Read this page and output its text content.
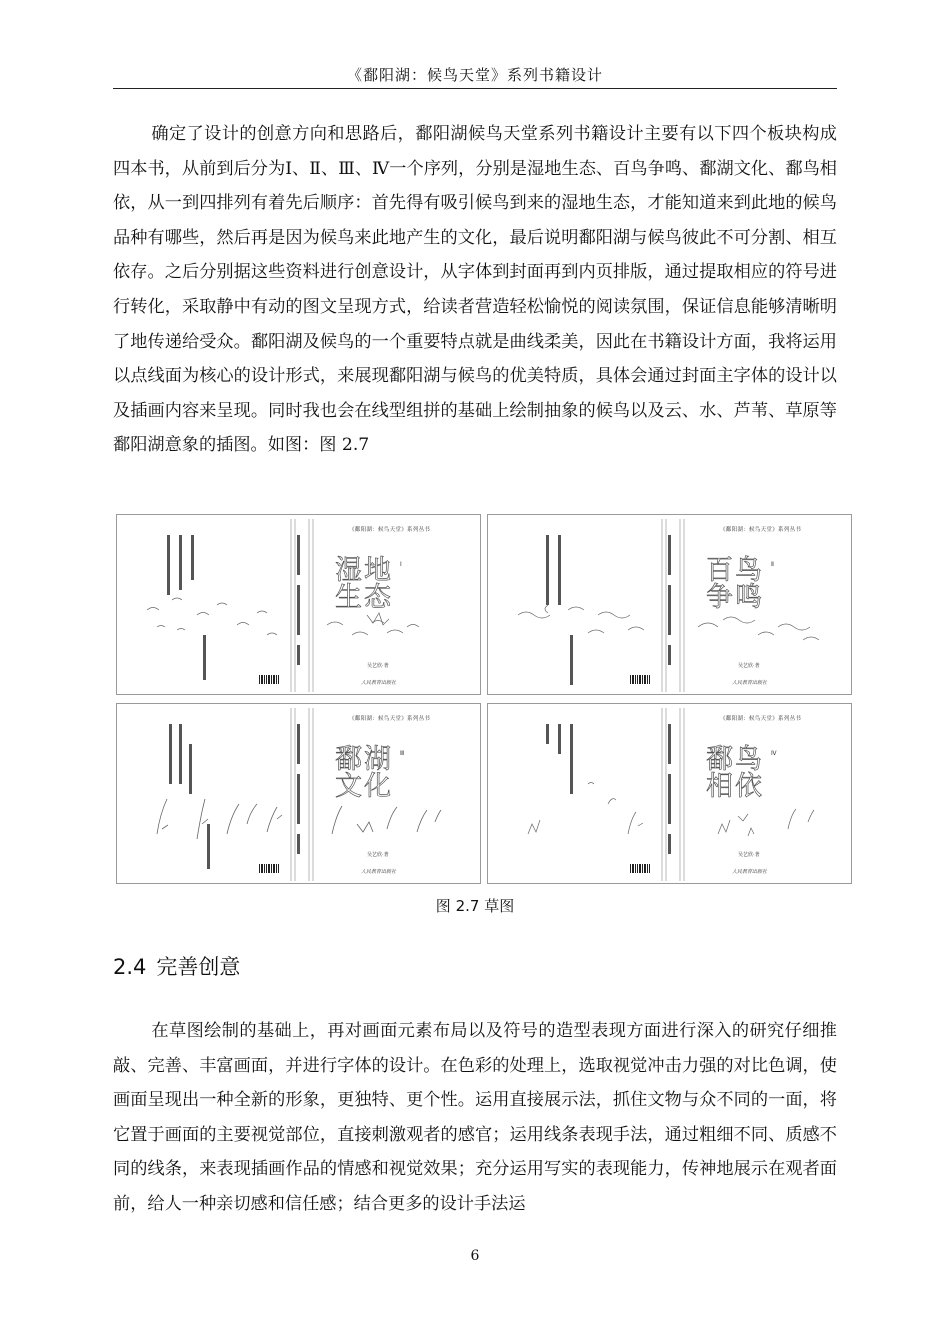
《鄱阳湖：候鸟天堂》系列书籍设计

确定了设计的创意方向和思路后，鄱阳湖候鸟天堂系列书籍设计主要有以下四个板块构成四本书，从前到后分为Ⅰ、Ⅱ、Ⅲ、Ⅳ一个序列，分别是湿地生态、百鸟争鸣、鄱湖文化、鄱鸟相依，从一到四排列有着先后顺序：首先得有吸引候鸟到来的湿地生态，才能知道来到此地的候鸟品种有哪些，然后再是因为候鸟来此地产生的文化，最后说明鄱阳湖与候鸟彼此不可分割、相互依存。之后分别据这些资料进行创意设计，从字体到封面再到内页排版，通过提取相应的符号进行转化，采取静中有动的图文呈现方式，给读者营造轻松愉悦的阅读氛围，保证信息能够清晰明了地传递给受众。鄱阳湖及候鸟的一个重要特点就是曲线柔美，因此在书籍设计方面，我将运用以点线面为核心的设计形式，来展现鄱阳湖与候鸟的优美特质，具体会通过封面主字体的设计以及插画内容来呈现。同时我也会在线型组拼的基础上绘制抽象的候鸟以及云、水、芦苇、草原等鄱阳湖意象的插图。如图：图 2.7

《鄱阳湖：候鸟天堂》系列丛书
湿地生态
Ⅰ
吴艺欣·著
人民教育出版社
《鄱阳湖：候鸟天堂》系列丛书
百鸟争鸣
Ⅱ
吴艺欣·著
人民教育出版社
《鄱阳湖：候鸟天堂》系列丛书
鄱湖文化
Ⅲ
吴艺欣·著
人民教育出版社
《鄱阳湖：候鸟天堂》系列丛书
鄱鸟相依
Ⅳ
吴艺欣·著
人民教育出版社
图 2.7 草图
2.4 完善创意

在草图绘制的基础上，再对画面元素布局以及符号的造型表现方面进行深入的研究仔细推敲、完善、丰富画面，并进行字体的设计。在色彩的处理上，选取视觉冲击力强的对比色调，使画面呈现出一种全新的形象，更独特、更个性。运用直接展示法，抓住文物与众不同的一面，将它置于画面的主要视觉部位，直接刺激观者的感官；运用线条表现手法，通过粗细不同、质感不同的线条，来表现插画作品的情感和视觉效果；充分运用写实的表现能力，传神地展示在观者面前，给人一种亲切感和信任感；结合更多的设计手法运

6
